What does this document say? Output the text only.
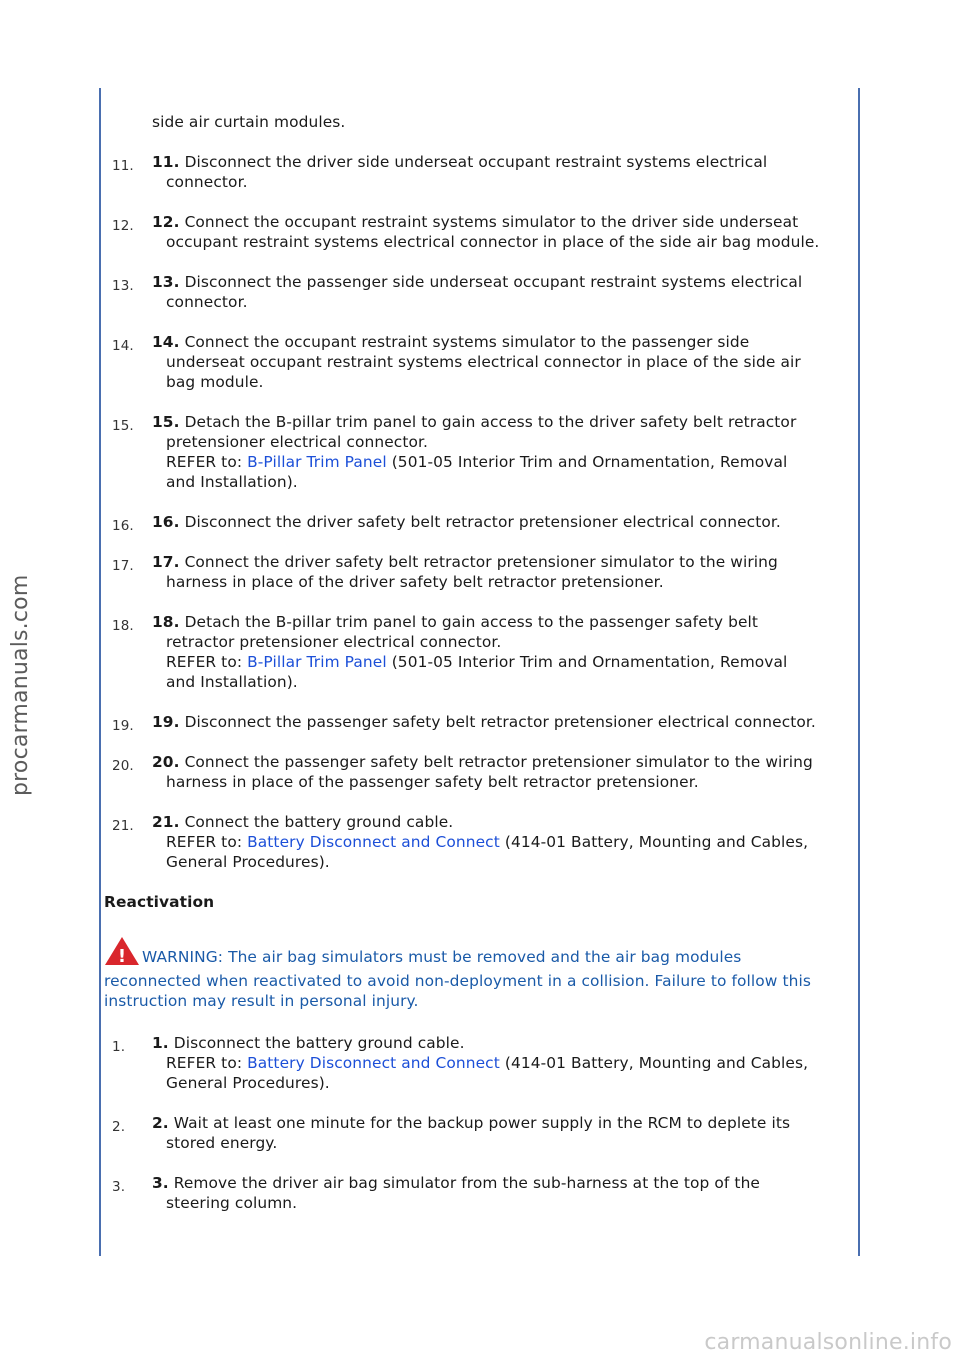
procarmanuals.com
side air curtain modules.
11.	11. Disconnect the driver side underseat occupant restraint systems electrical
connector.
12.	12. Connect the occupant restraint systems simulator to the driver side underseat
occupant restraint systems electrical connector in place of the side air bag module.
13.	13. Disconnect the passenger side underseat occupant restraint systems electrical
connector.
14.	14. Connect the occupant restraint systems simulator to the passenger side
underseat occupant restraint systems electrical connector in place of the side air
bag module.
15.	15. Detach the B-pillar trim panel to gain access to the driver safety belt retractor
pretensioner electrical connector.
REFER to: B-Pillar Trim Panel (501-05 Interior Trim and Ornamentation, Removal
and Installation).
16.	16. Disconnect the driver safety belt retractor pretensioner electrical connector.
17.	17. Connect the driver safety belt retractor pretensioner simulator to the wiring
harness in place of the driver safety belt retractor pretensioner.
18.	18. Detach the B-pillar trim panel to gain access to the passenger safety belt
retractor pretensioner electrical connector.
REFER to: B-Pillar Trim Panel (501-05 Interior Trim and Ornamentation, Removal
and Installation).
19.	19. Disconnect the passenger safety belt retractor pretensioner electrical connector.
20.	20. Connect the passenger safety belt retractor pretensioner simulator to the wiring
harness in place of the passenger safety belt retractor pretensioner.
21.	21. Connect the battery ground cable.
REFER to: Battery Disconnect and Connect (414-01 Battery, Mounting and Cables,
General Procedures).
Reactivation
! WARNING: The air bag simulators must be removed and the air bag modules
reconnected when reactivated to avoid non-deployment in a collision. Failure to follow this
instruction may result in personal injury.
1.	1. Disconnect the battery ground cable.
REFER to: Battery Disconnect and Connect (414-01 Battery, Mounting and Cables,
General Procedures).
2.	2. Wait at least one minute for the backup power supply in the RCM to deplete its
stored energy.
3.	3. Remove the driver air bag simulator from the sub-harness at the top of the
steering column.
carmanualsonline.info
